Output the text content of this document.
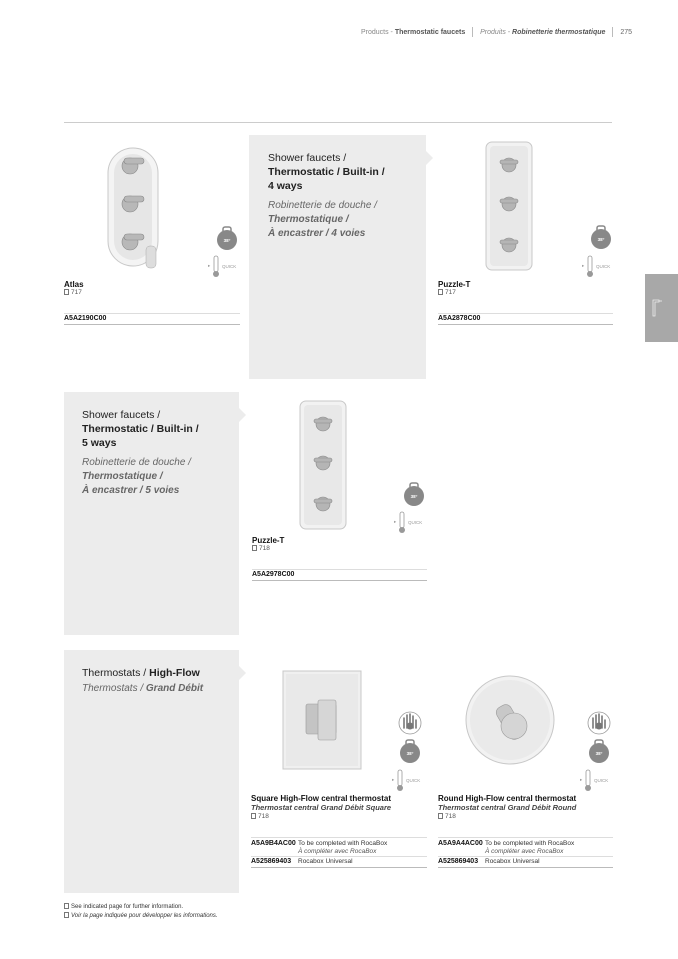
Products - Thermostatic faucets Produits - Robinetterie thermostatique 275
Shower faucets /
Thermostatic / Built-in /
4 ways
Robinetterie de douche /
Thermostatique /
À encastrer / 4 voies
Shower faucets /
Thermostatic / Built-in /
5 ways
Robinetterie de douche /
Thermostatique /
À encastrer / 5 voies
Thermostats / High-Flow
Thermostats / Grand Débit
38°
▸	QUICK
Atlas
717
A5A2190C00
38°
▸	QUICK
Puzzle-T
717
A5A2878C00
38°
▸	QUICK
Puzzle-T
718
A5A2978C00
38°
▸	QUICK
Square High-Flow central thermostat
Thermostat central Grand Débit Square
718
A5A9B4AC00 To be completed with RocaBox
À compléter avec RocaBox
A525869403 Rocabox Universal
38°
▸	QUICK
Round High-Flow central thermostat
Thermostat central Grand Débit Round
718
A5A9A4AC00 To be completed with RocaBox
À compléter avec RocaBox
A525869403 Rocabox Universal
See indicated page for further information.
Voir la page indiquée pour développer les informations.
